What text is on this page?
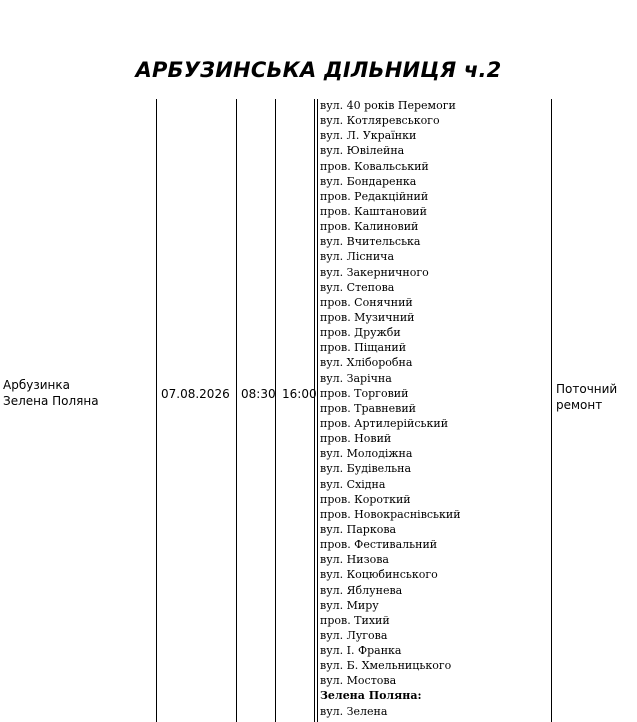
АРБУЗИНСЬКА ДІЛЬНИЦЯ ч.2
Арбузинка
Зелена Поляна	07.08.2026 08:30 16:00
вул. 40 років Перемоги
вул. Котляревського
вул. Л. Українки
вул. Ювілейна
пров. Ковальський
вул. Бондаренка
пров. Редакційний
пров. Каштановий
пров. Калиновий
вул. Вчительська
вул. Лісничa
вул. Закерничного
вул. Степова
пров. Сонячний
пров. Музичний
пров. Дружби
пров. Піщаний
вул. Хліборобна
вул. Зарічна
пров. Торговий
пров. Травневий
пров. Артилерійський
пров. Новий
вул. Молодіжна
вул. Будівельна
вул. Східна
пров. Короткий
пров. Новокраснівський
вул. Паркова
пров. Фестивальний
вул. Низова
вул. Коцюбинського
вул. Яблунева
вул. Миру
пров. Тихий
вул. Лугова
вул. І. Франка
вул. Б. Хмельницького
вул. Мостова
Зелена Поляна:
вул. Зелена
Поточний
ремонт
